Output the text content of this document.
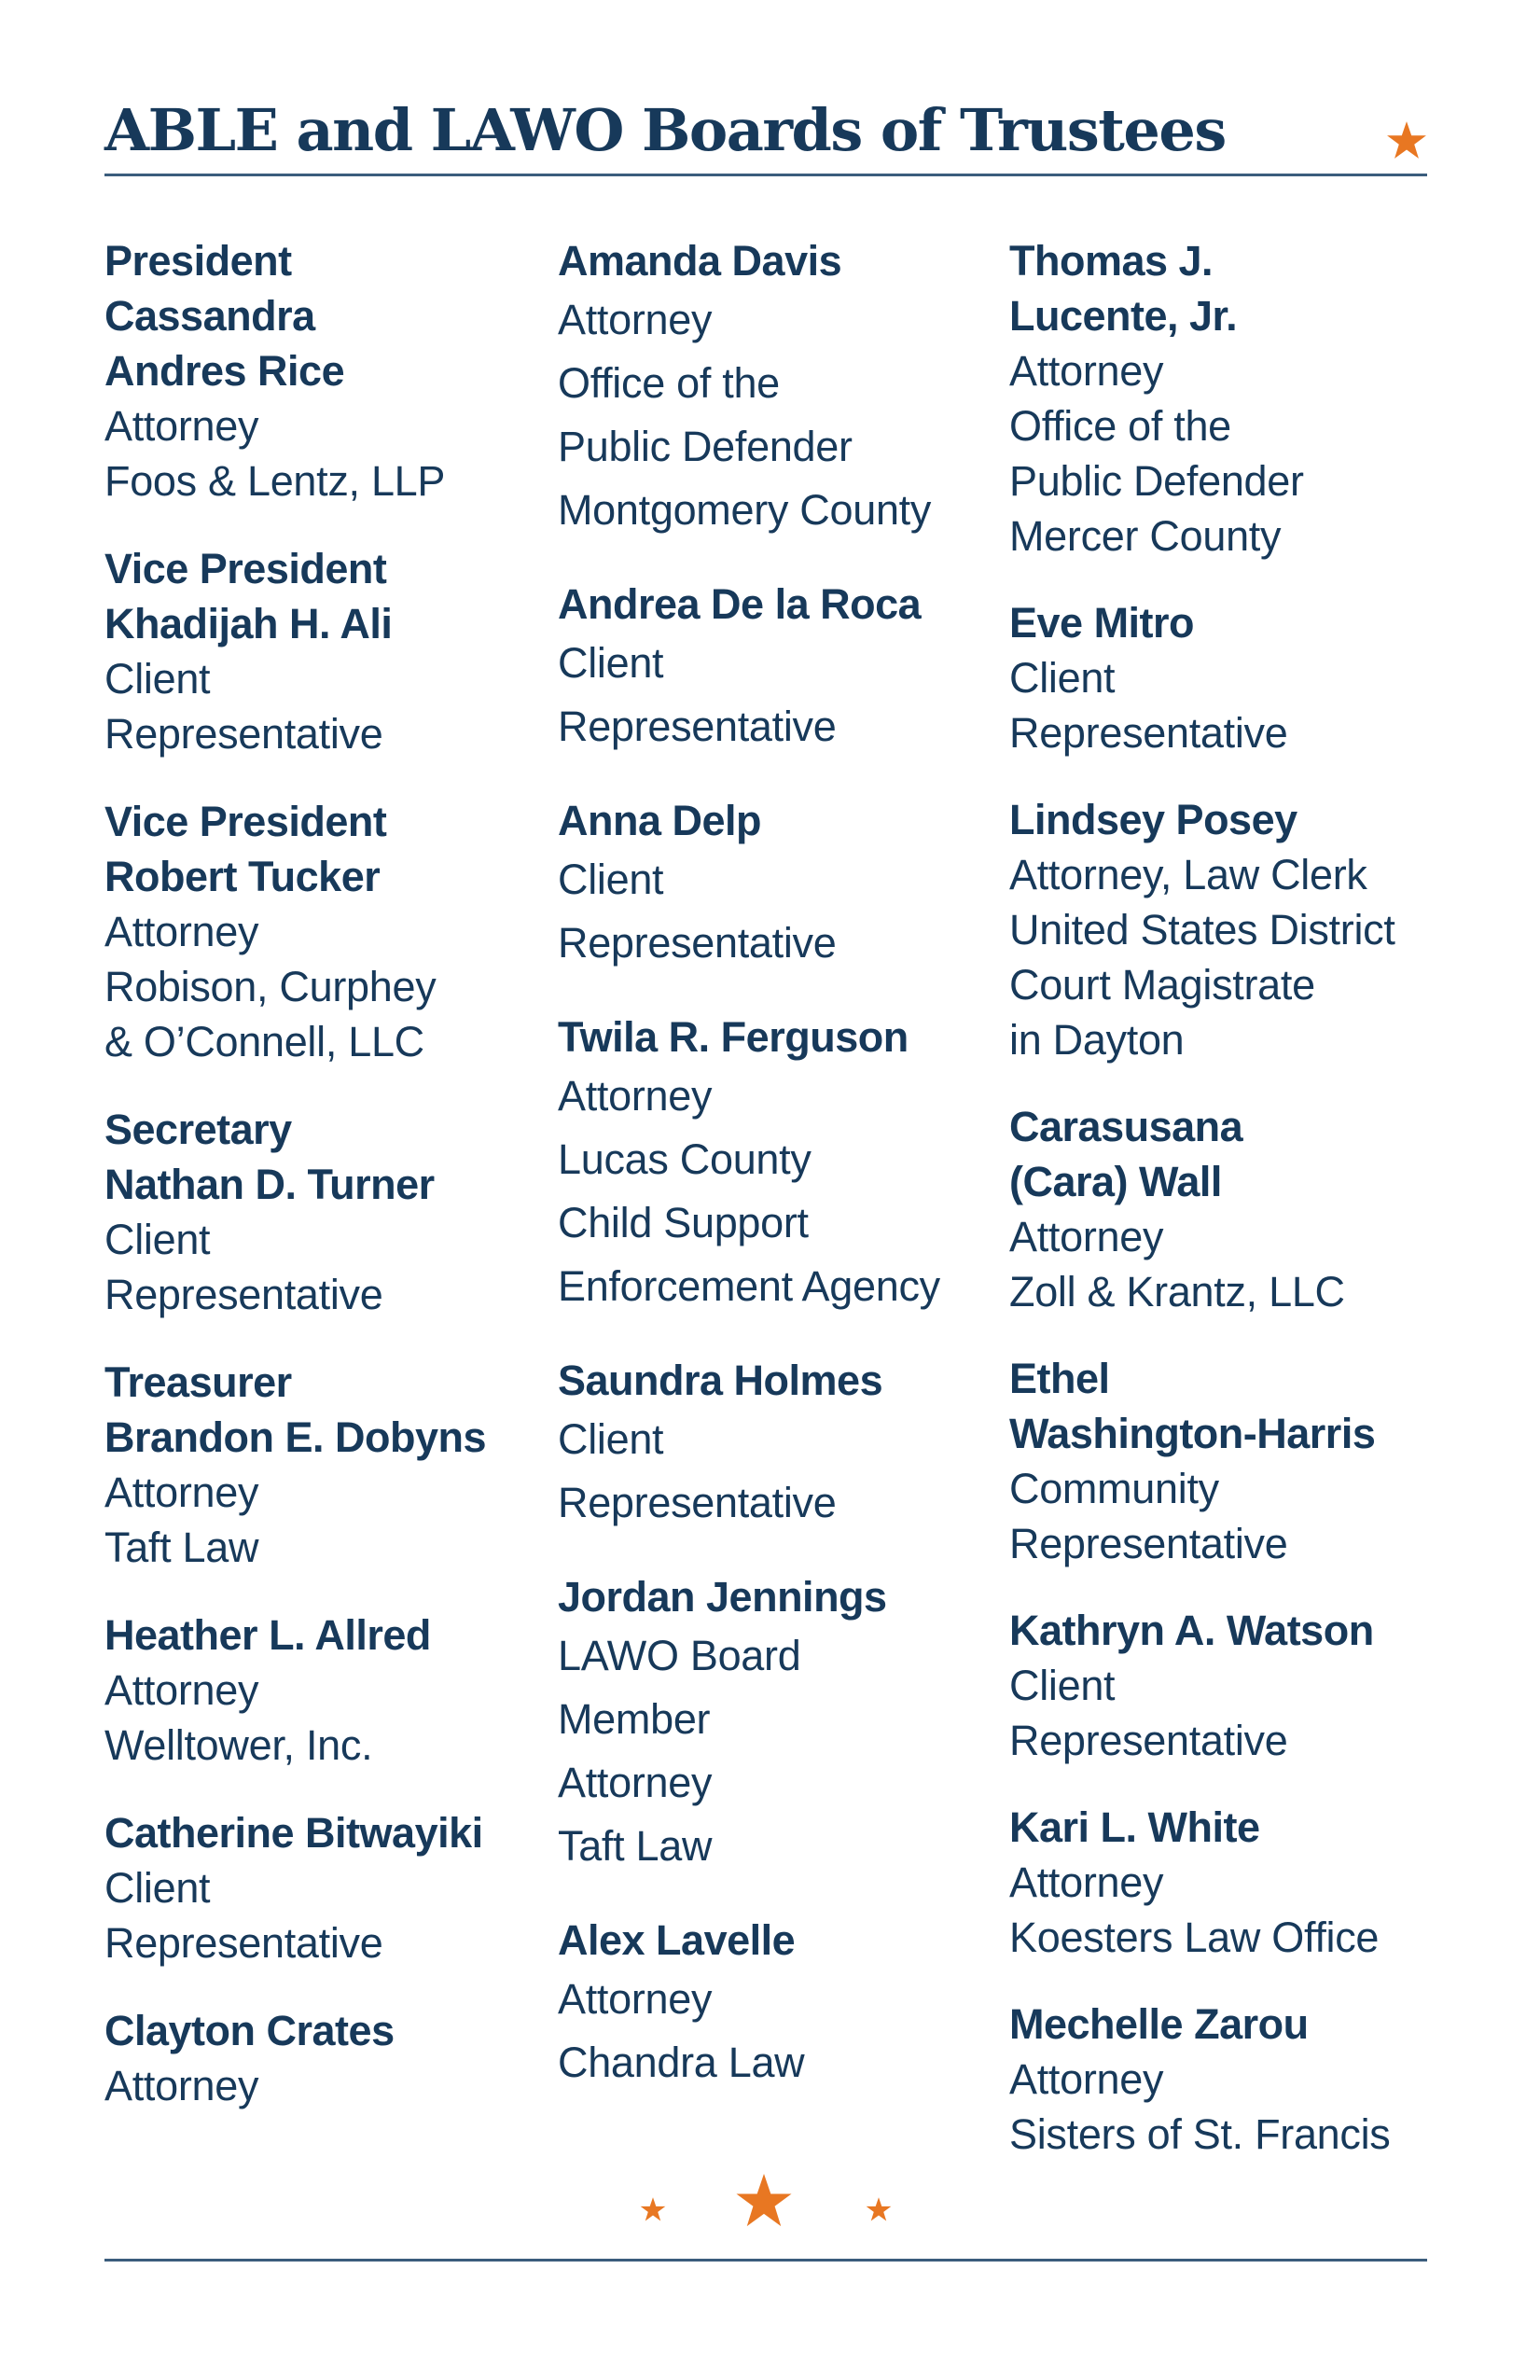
ABLE and LAWO Boards of Trustees
President
Cassandra
Andres Rice
Attorney
Foos & Lentz, LLP
Vice President
Khadijah H. Ali
Client
Representative
Vice President
Robert Tucker
Attorney
Robison, Curphey
& O’Connell, LLC
Secretary
Nathan D. Turner
Client
Representative
Treasurer
Brandon E. Dobyns
Attorney
Taft Law
Heather L. Allred
Attorney
Welltower, Inc.
Catherine Bitwayiki
Client
Representative
Clayton Crates
Attorney
Amanda Davis
Attorney
Office of the
Public Defender
Montgomery County
Andrea De la Roca
Client
Representative
Anna Delp
Client
Representative
Twila R. Ferguson
Attorney
Lucas County
Child Support
Enforcement Agency
Saundra Holmes
Client
Representative
Jordan Jennings
LAWO Board
Member
Attorney
Taft Law
Alex Lavelle
Attorney
Chandra Law
Thomas J.
Lucente, Jr.
Attorney
Office of the
Public Defender
Mercer County
Eve Mitro
Client
Representative
Lindsey Posey
Attorney, Law Clerk
United States District
Court Magistrate
in Dayton
Carasusana
(Cara) Wall
Attorney
Zoll & Krantz, LLC
Ethel
Washington-Harris
Community
Representative
Kathryn A. Watson
Client
Representative
Kari L. White
Attorney
Koesters Law Office
Mechelle Zarou
Attorney
Sisters of St. Francis
